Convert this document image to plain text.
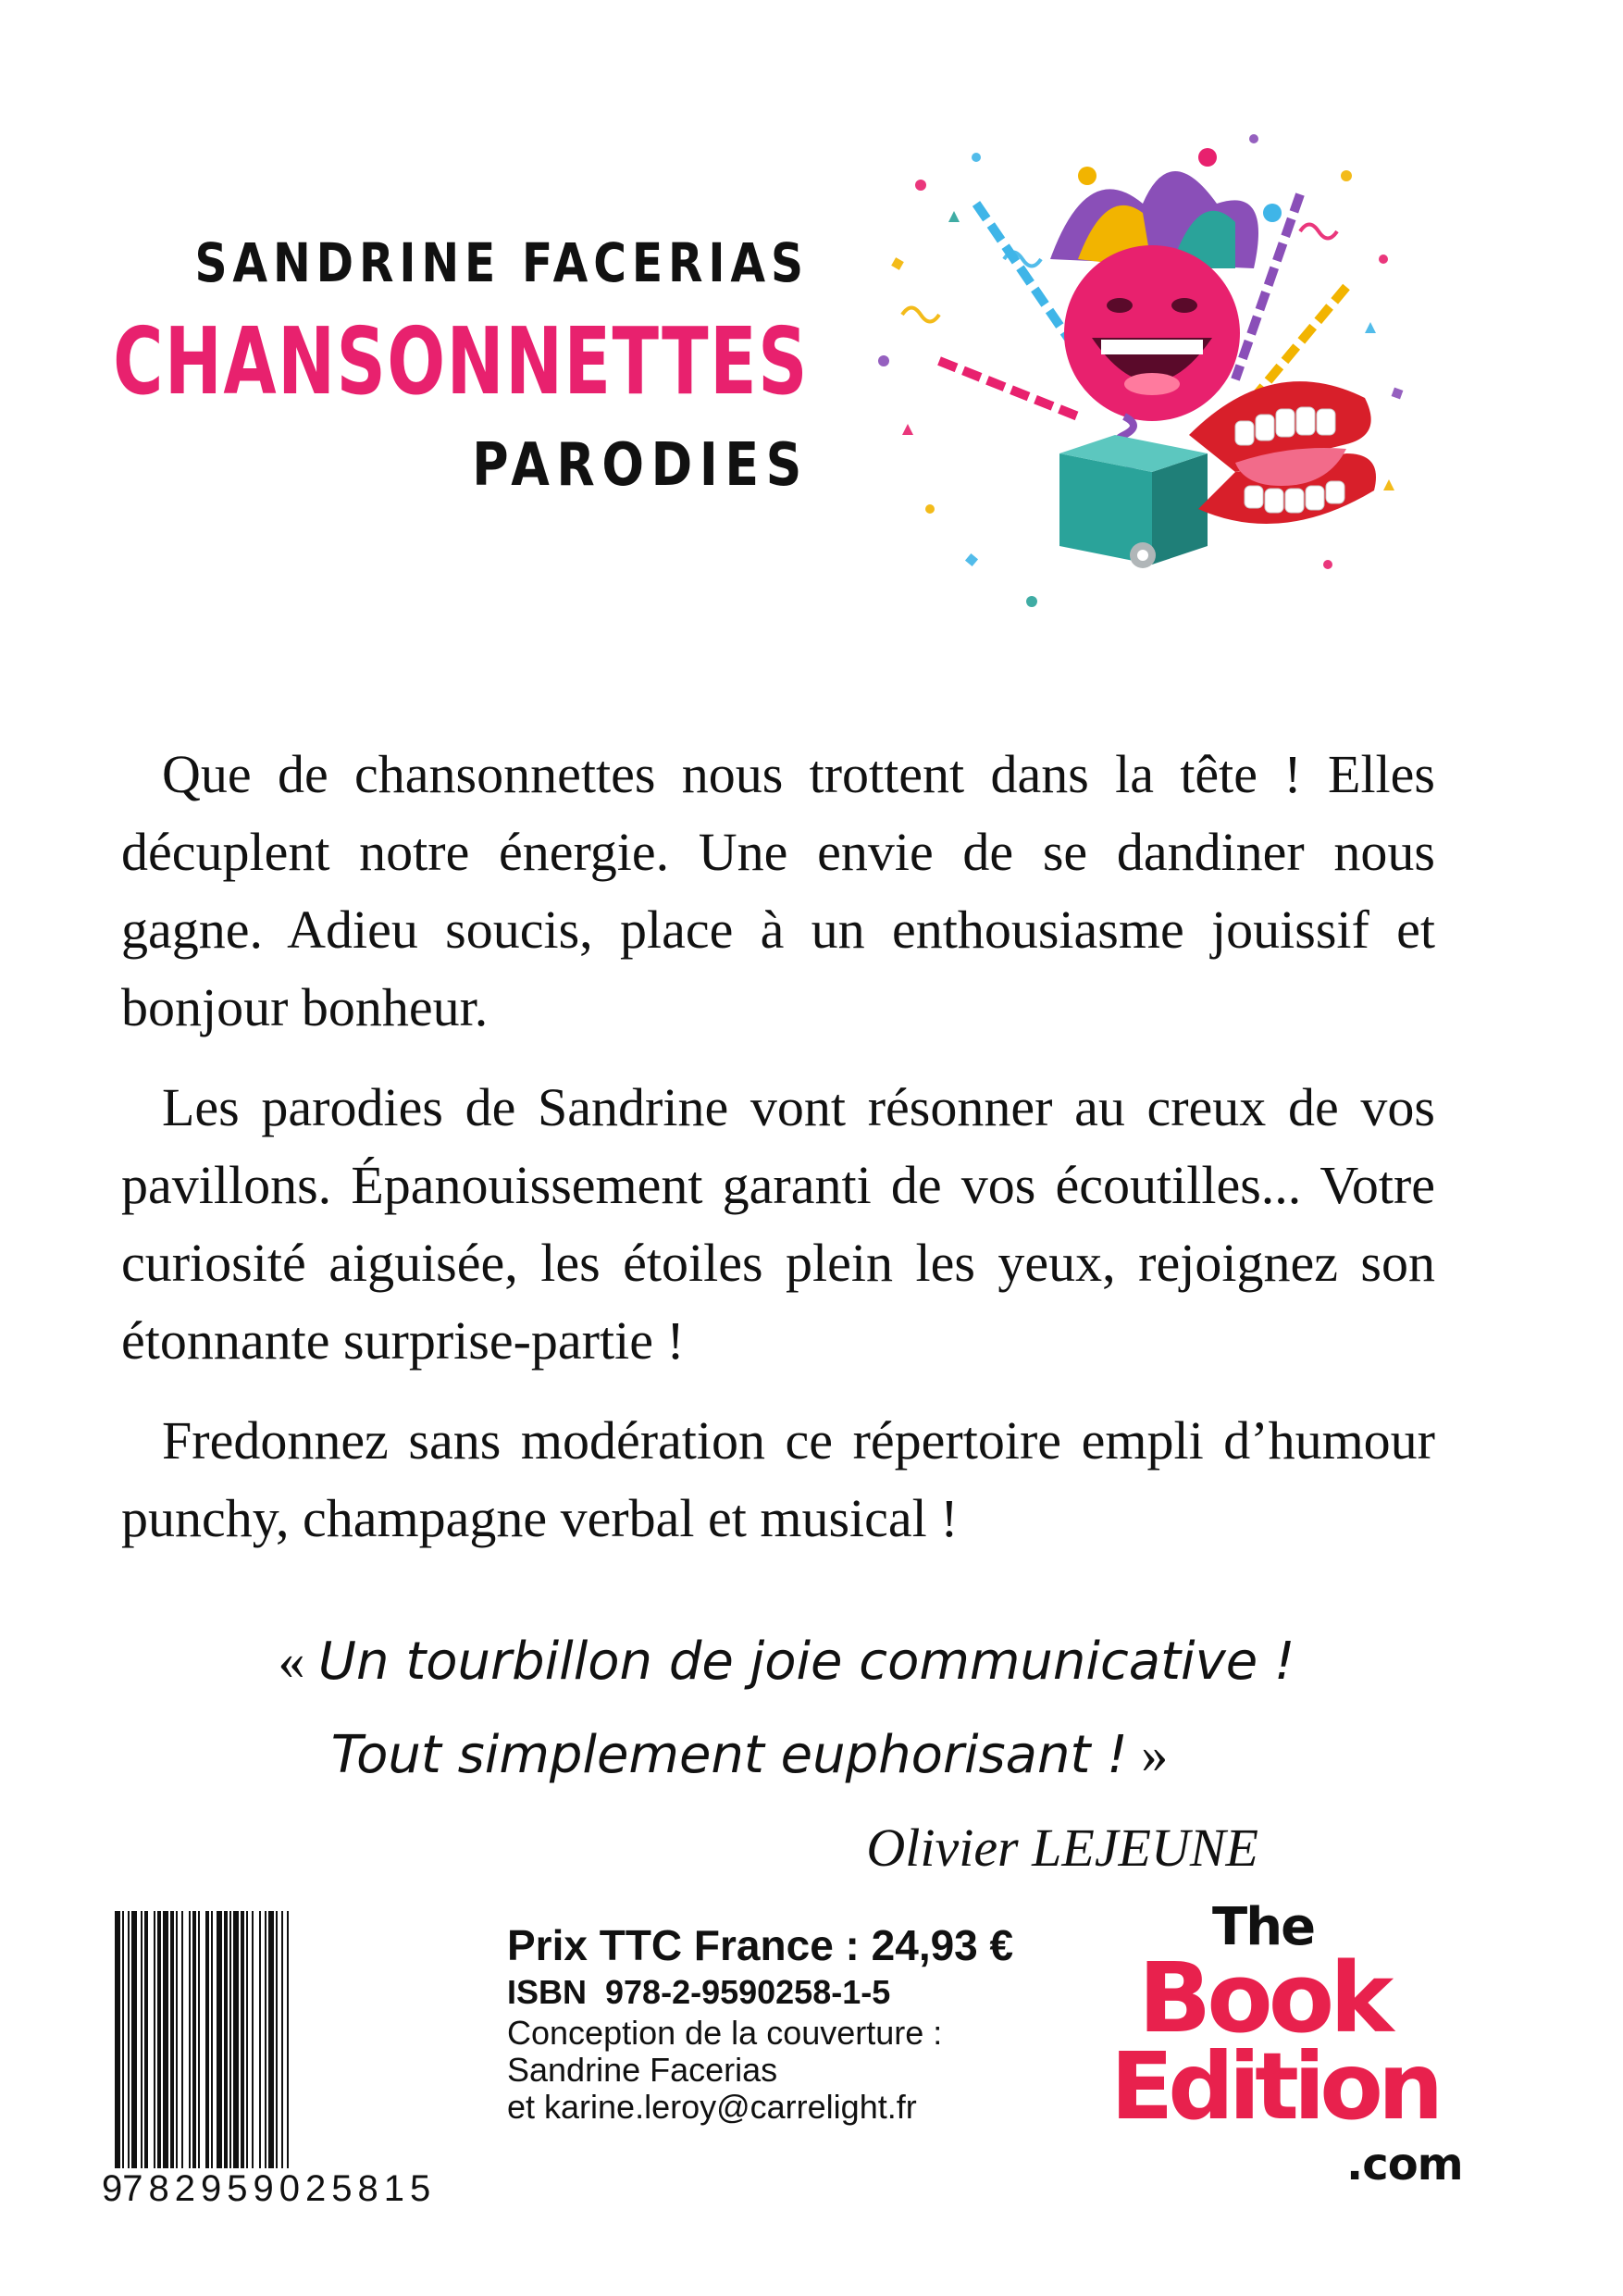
SANDRINE FACERIAS
CHANSONNETTES
PARODIES

Que de chansonnettes nous trottent dans la tête ! Elles décuplent notre énergie. Une envie de se dandiner nous gagne. Adieu soucis, place à un enthousiasme jouissif et bonjour bonheur.

Les parodies de Sandrine vont résonner au creux de vos pavillons. Épanouissement garanti de vos écoutilles... Votre curiosité aiguisée, les étoiles plein les yeux, rejoignez son étonnante surprise-partie !

Fredonnez sans modération ce répertoire empli d’humour punchy, champagne verbal et musical !

« Un tourbillon de joie communicative !
Tout simplement euphorisant ! »
Olivier LEJEUNE
9 782959 025815
Prix TTC France : 24,93 €
ISBN  978-2-9590258-1-5
Conception de la couverture :
Sandrine Facerias
et karine.leroy@carrelight.fr
The
Book
Edition
.com
